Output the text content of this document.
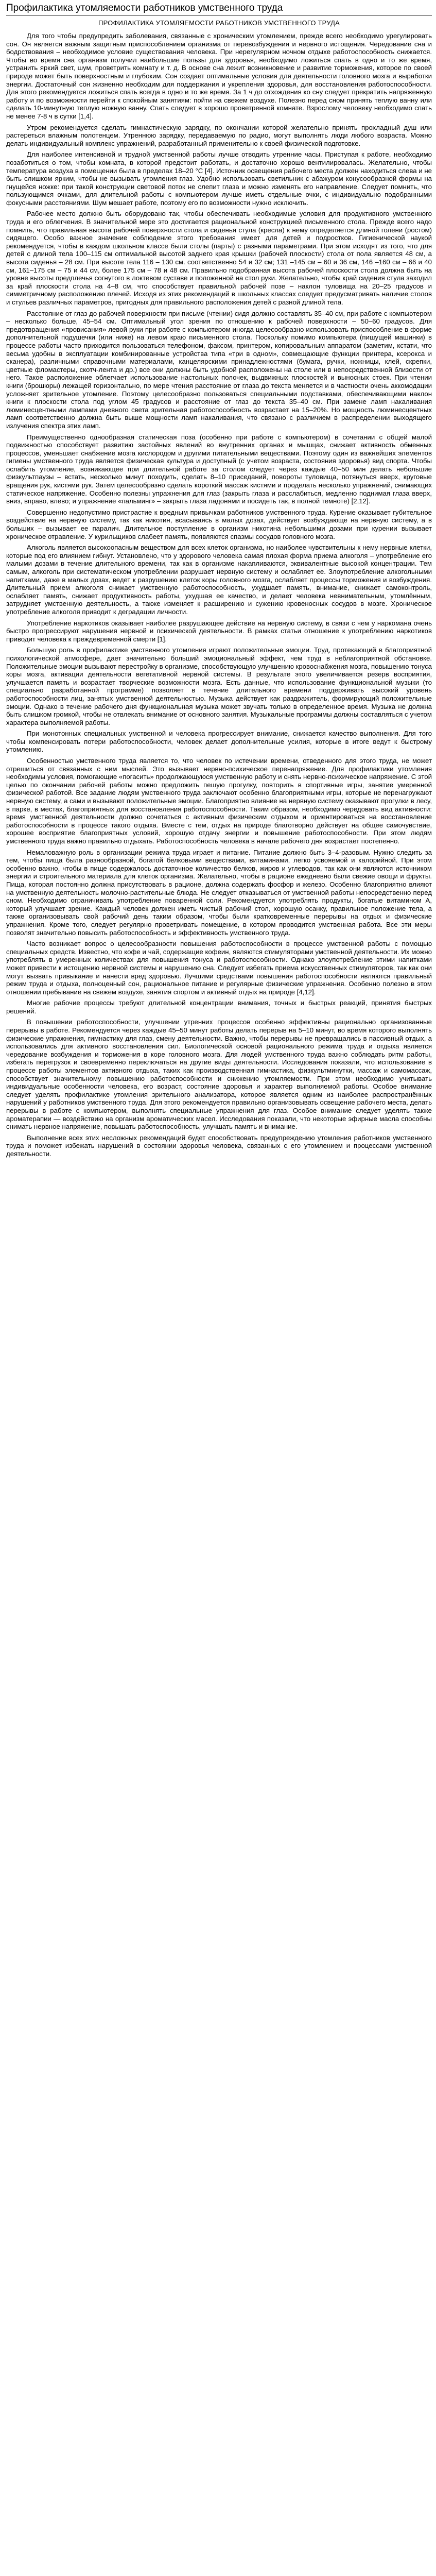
Профилактика утомляемости работников умственного труда
ПРОФИЛАКТИКА УТОМЛЯЕМОСТИ РАБОТНИКОВ УМСТВЕННОГО ТРУДА

Для того чтобы предупредить заболевания, связанные с хроническим утомлением, прежде всего необходимо урегулировать сон. Он является важным защитным приспособлением организма от перевозбуждения и нервного истощения. Чередование сна и бодрствования – необходимое условие существования человека. При нерегулярном ночном отдыхе работоспособность снижается. Чтобы во время сна организм получил наибольшие пользы для здоровья, необходимо ложиться спать в одно и то же время, устранить яркий свет, шум, проветрить комнату и т. д. В основе сна лежит возникновение и развитие торможения, которое по своей природе может быть поверхностным и глубоким. Сон создает оптимальные условия для деятельности головного мозга и выработки энергии. Достаточный сон жизненно необходим для поддержания и укрепления здоровья, для восстановления работоспособности. Для этого рекомендуется ложиться спать всегда в одно и то же время. За 1 ч до отхождения ко сну следует прекратить напряженную работу и по возможности перейти к спокойным занятиям: пойти на свежем воздухе. Полезно перед сном принять теплую ванну или сделать 10-минутную теплую ножную ванну. Спать следует в хорошо проветренной комнате. Взрослому человеку необходимо спать не менее 7-8 ч в сутки [1,4].

Утром рекомендуется сделать гимнастическую зарядку, по окончании которой желательно принять прохладный душ или растереться влажным полотенцем. Утреннюю зарядку, передаваемую по радио, могут выполнять люди любого возраста. Можно делать индивидуальный комплекс упражнений, разработанный применительно к своей физической подготовке.

Для наиболее интенсивной и трудной умственной работы лучше отводить утренние часы. Приступая к работе, необходимо позаботиться о том, чтобы комната, в которой предстоит работать, и достаточно хорошо вентилировалась. Желательно, чтобы температура воздуха в помещении была в пределах 18–20 °С [4]. Источник освещения рабочего места должен находиться слева и не быть слишком ярким, чтобы не вызывать утомления глаз. Удобно использовать светильник с абажуром конусообразной формы на гнущейся ножке: при такой конструкции световой поток не слепит глаза и можно изменять его направление. Следует помнить, что пользующимся очками, для длительной работы с компьютером лучше иметь отдельные очки, с индивидуально подобранными фокусными расстояниями. Шум мешает работе, поэтому его по возможности нужно исключить.

Рабочее место должно быть оборудовано так, чтобы обеспечивать необходимые условия для продуктивного умственного труда и его облегчения. В значительной мере это достигается рациональной конструкцией письменного стола. Прежде всего надо помнить, что правильная высота рабочей поверхности стола и сиденья стула (кресла) к нему определяется длиной голени (ростом) сидящего. Особо важное значение соблюдение этого требования имеет для детей и подростков. Гигиенической наукой рекомендуется, чтобы в каждом школьном классе были столы (парты) с разными параметрами. При этом исходят из того, что для детей с длиной тела 100–115 см оптимальной высотой заднего края крышки (рабочей плоскости) стола от пола является 48 см, а высота сиденья – 28 см. При высоте тела 116 – 130 см. соответственно 54 и 32 см; 131 –145 см – 60 и 36 см, 146 –160 см – 66 и 40 см, 161–175 см – 75 и 44 см, более 175 см – 78 и 48 см. Правильно подобранная высота рабочей плоскости стола должна быть на уровне высоты предплечья согнутого в локтевом суставе и положенной на стол руки. Желательно, чтобы край сидения стула заходил за край плоскости стола на 4–8 см, что способствует правильной рабочей позе – наклон туловища на 20–25 градусов и симметричному расположению плечей. Исходя из этих рекомендаций в школьных классах следует предусматривать наличие столов и стульев различных параметров, пригодных для правильного расположения детей с разной длиной тела.

Расстояние от глаз до рабочей поверхности при письме (чтении) сидя должно составлять 35–40 см, при работе с компьютером – несколько больше, 45–54 см. Оптимальный угол зрения по отношению к рабочей поверхности – 50–60 градусов. Для предотвращения «провисания» левой руки при работе с компьютером иногда целесообразно использовать приспособление в форме дополнительной подушечки (или ниже) на левом краю письменного стола. Поскольку помимо компьютера (пишущей машинки) в процессе работы часто приходится пользоваться телефоном, факсом, принтером, копировальным аппаратом (заметим, кстати, что весьма удобны в эксплуатации комбинированные устройства типа «три в одном», совмещающие функции принтера, ксерокса и сканера), различными справочными материалами, канцелярскими принадлежностями (бумага, ручки, ножницы, клей, скрепки, цветные фломастеры, скотч-лента и др.) все они должны быть удобной расположены на столе или в непосредственной близости от него. Такое расположение облегчает использование настольных полочек, выдвижных плоскостей и выносных стоек. При чтении книги (брошюры) лежащей горизонтально, по мере чтения расстояние от глаза до текста меняется и в частности очень аккомодации усложняет зрительное утомление. Поэтому целесообразно пользоваться специальными подставками, обеспечивающими наклон книги к плоскости стола под углом 45 градусов и расстояние от глаз до текста 35–40 см. При замене ламп накаливания люминесцентными лампами дневного света зрительная работоспособность возрастает на 15–20%. Но мощность люминесцентных ламп соответственно должна быть выше мощности ламп накаливания, что связано с различием в распределении выходящего излучения спектра этих ламп.

Преимущественно однообразная статическая поза (особенно при работе с компьютером) в сочетании с общей малой подвижностью способствует развитию застойных явлений во внутренних органах и мышцах, снижает активность обменных процессов, уменьшает снабжение мозга кислородом и другими питательными веществами. Поэтому один из важнейших элементов гигиены умственного труда является физическая культура и доступный (с учетом возраста, состояния здоровья) вид спорта. Чтобы ослабить утомление, возникающее при длительной работе за столом следует через каждые 40–50 мин делать небольшие физкультпаузы – встать, несколько минут походить, сделать 8–10 приседаний, повороты туловища, потянуться вверх, круговые вращения рук, кистями рук. Затем целесообразно сделать короткий массаж кистями и проделать несколько упражнений, снимающих статическое напряжение. Особенно полезны упражнения для глаз (закрыть глаза и расслабиться, медленно поднимая глаза вверх, вниз, вправо, влево; и упражнение «пальминг» – закрыть глаза ладонями и посидеть так, в полной темноте) [2,12].

Совершенно недопустимо пристрастие к вредным привычкам работников умственного труда. Курение оказывает губительное воздействие на нервную систему, так как никотин, всасываясь в малых дозах, действует возбуждающе на нервную систему, а в больших – вызывает ее паралич. Длительное поступление в организм никотина небольшими дозами при курении вызывает хроническое отравление. У курильщиков слабеет память, появляются спазмы сосудов головного мозга.

Алкоголь является высокоопасным веществом для всех клеток организма, но наиболее чувствительны к нему нервные клетки, которые под его влиянием гибнут. Установлено, что у здорового человека самая плохая форма приема алкоголя – употребление его малыми дозами в течение длительного времени, так как в организме накапливаются, эквивалентные высокой концентрации. Тем самым, алкоголь при систематическом употреблении разрушает нервную систему и ослабляет ее. Злоупотребление алкогольными напитками, даже в малых дозах, ведет к разрушению клеток коры головного мозга, ослабляет процессы торможения и возбуждения. Длительный прием алкоголя снижает умственную работоспособность, ухудшает память, внимание, снижает самоконтроль, ослабляет память, снижает продуктивность работы, ухудшая ее качество, и делает человека невнимательным, утомлённым, затрудняет умственную деятельность, а также изменяет к расширению и сужению кровеносных сосудов в мозге. Хроническое употребление алкоголя приводит к деградации личности.

Употребление наркотиков оказывает наиболее разрушающее действие на нервную систему, в связи с чем у наркомана очень быстро прогрессируют нарушения нервной и психической деятельности. В рамках статьи отношение к употреблению наркотиков приводит человека к преждевременной смерти [1].

Большую роль в профилактике умственного утомления играют положительные эмоции. Труд, протекающий в благоприятной психологической атмосфере, дает значительно больший эмоциональный эффект, чем труд в неблагоприятной обстановке. Положительные эмоции вызывают перестройку в организме, способствующую улучшению кровоснабжения мозга, повышению тонуса коры мозга, активации деятельности вегетативной нервной системы. В результате этого увеличивается резерв восприятия, улучшается память и возрастает творческие возможности мозга. Есть данные, что использование функциональной музыки (то специально разработанной программе) позволяет в течение длительного времени поддерживать высокий уровень работоспособности лиц, занятых умственной деятельностью. Музыка действует как раздражитель, формирующий положительные эмоции. Однако в течение рабочего дня функциональная музыка может звучать только в определенное время. Музыка не должна быть слишком громкой, чтобы не отвлекать внимание от основного занятия. Музыкальные программы должны составляться с учетом характера выполняемой работы.

При монотонных специальных умственной и человека прогрессирует внимание, снижается качество выполнения. Для того чтобы компенсировать потери работоспособности, человек делает дополнительные усилия, которые в итоге ведут к быстрому утомлению.

Особенностью умственного труда является то, что человек по истечении времени, отведенного для этого труда, не может отрешиться от связанных с ним мыслей. Это вызывает нервно-психическое перенапряжение. Для профилактики утомления необходимы условия, помогающие «погасить» продолжающуюся умственную работу и снять нервно-психическое напряжение. С этой целью по окончании рабочей работы можно предложить пешую прогулку, повторить в спортивные игры, занятие умеренной физической работой. Все задание людям умственного труда заключают особенно благоприятными игры, которые не перенагружают нервную систему, а сами и вызывают положительные эмоции. Благоприятно влияние на нервную систему оказывают прогулки в лесу, в парке, в местах, благоприятных для восстановления работоспособности. Таким образом, необходимо чередовать вид активности: время умственной деятельности должно сочетаться с активным физическим отдыхом и ориентироваться на восстановление работоспособности в процессе такого отдыха. Вместе с тем, отдых на природе благотворно действует на общее самочувствие, хорошее восприятие благоприятных условий, хорошую отдачу энергии и повышение работоспособности. При этом людям умственного труда важно правильно отдыхать. Работоспособность человека в начале рабочего дня возрастает постепенно.

Немаловажную роль в организации режима труда играет и питание. Питание должно быть 3–4-разовым. Нужно следить за тем, чтобы пища была разнообразной, богатой белковыми веществами, витаминами, легко усвояемой и калорийной. При этом особенно важно, чтобы в пище содержалось достаточное количество белков, жиров и углеводов, так как они являются источником энергии и строительного материала для клеток организма. Желательно, чтобы в рационе ежедневно были свежие овощи и фрукты. Пища, которая постоянно должна присутствовать в рационе, должна содержать фосфор и железо. Особенно благоприятно влияют на умственную деятельность молочно-растительные блюда. Не следует отказываться от умственной работы непосредственно перед сном. Необходимо ограничивать употребление поваренной соли. Рекомендуется употреблять продукты, богатые витамином А, который улучшает зрение. Каждый человек должен иметь чистый рабочий стол, хорошую осанку, правильное положение тела, а также организовывать свой рабочий день таким образом, чтобы были кратковременные перерывы на отдых и физические упражнения. Кроме того, следует регулярно проветривать помещение, в котором проводится умственная работа. Все эти меры позволят значительно повысить работоспособность и эффективность умственного труда.

Часто возникает вопрос о целесообразности повышения работоспособности в процессе умственной работы с помощью специальных средств. Известно, что кофе и чай, содержащие кофеин, являются стимуляторами умственной деятельности. Их можно употреблять в умеренных количествах для повышения тонуса и работоспособности. Однако злоупотребление этими напитками может привести к истощению нервной системы и нарушению сна. Следует избегать приема искусственных стимуляторов, так как они могут вызвать привыкание и нанести вред здоровью. Лучшими средствами повышения работоспособности являются правильный режим труда и отдыха, полноценный сон, рациональное питание и регулярные физические упражнения. Особенно полезно в этом отношении пребывание на свежем воздухе, занятия спортом и активный отдых на природе [4,12].

Многие рабочие процессы требуют длительной концентрации внимания, точных и быстрых реакций, принятия быстрых решений.

В повышении работоспособности, улучшении утренних процессов особенно эффективны рационально организованные перерывы в работе. Рекомендуется через каждые 45–50 минут работы делать перерыв на 5–10 минут, во время которого выполнять физические упражнения, гимнастику для глаз, смену деятельности. Важно, чтобы перерывы не превращались в пассивный отдых, а использовались для активного восстановления сил. Биологической основой рационального режима труда и отдыха является чередование возбуждения и торможения в коре головного мозга. Для людей умственного труда важно соблюдать ритм работы, избегать перегрузок и своевременно переключаться на другие виды деятельности. Исследования показали, что использование в процессе работы элементов активного отдыха, таких как производственная гимнастика, физкультминутки, массаж и самомассаж, способствует значительному повышению работоспособности и снижению утомляемости. При этом необходимо учитывать индивидуальные особенности человека, его возраст, состояние здоровья и характер выполняемой работы. Особое внимание следует уделять профилактике утомления зрительного анализатора, которое является одним из наиболее распространённых нарушений у работников умственного труда. Для этого рекомендуется правильно организовывать освещение рабочего места, делать перерывы в работе с компьютером, выполнять специальные упражнения для глаз. Особое внимание следует уделять также ароматерапии — воздействию на организм ароматических масел. Исследования показали, что некоторые эфирные масла способны снимать нервное напряжение, повышать работоспособность, улучшать память и внимание.

Выполнение всех этих несложных рекомендаций будет способствовать предупреждению утомления работников умственного труда и поможет избежать нарушений в состоянии здоровья человека, связанных с его утомлением и процессами умственной деятельности.
